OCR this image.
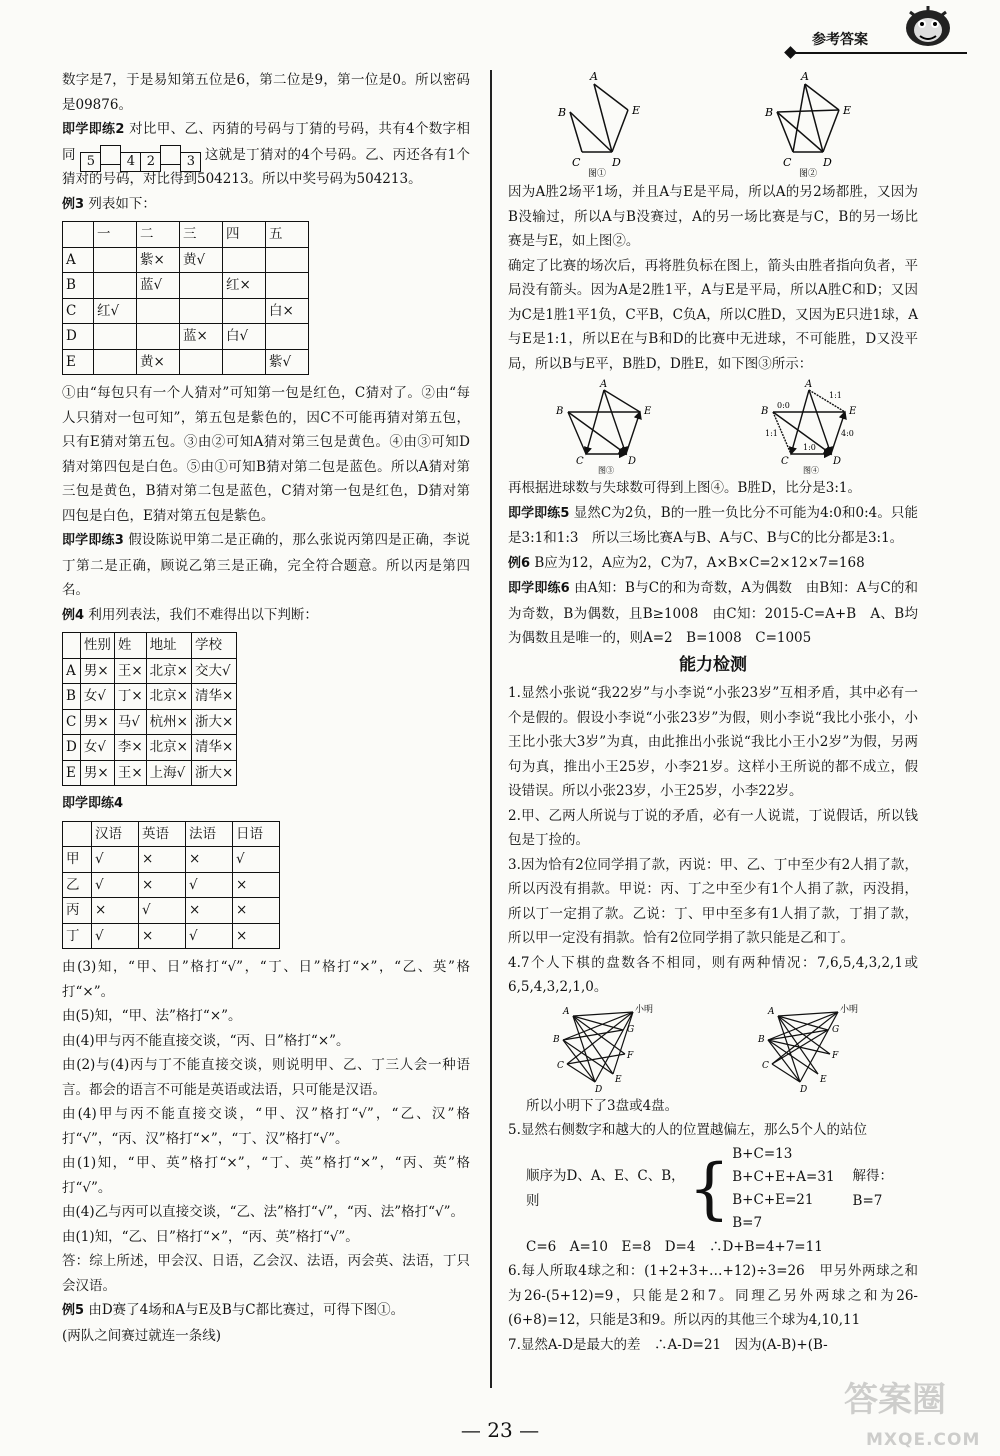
参考答案

数字是7，于是易知第五位是6，第二位是9，第一位是0。所以密码是09876。

即学即练2 对比甲、乙、丙猜的号码与丁猜的号码，共有4个数字相同 5 4 2 3 这就是丁猜对的4个号码。乙、丙还各有1个猜对的号码，对比得到504213。所以中奖号码为504213。

例3 列表如下：

	一	二	三	四	五
A		紫×	黄√		
B		蓝√		红×	
C	红√				白×
D			蓝×	白√	
E		黄×			紫√

①由“每包只有一个人猜对”可知第一包是红色，C猜对了。②由“每人只猜对一包可知”，第五包是紫色的，因C不可能再猜对第五包，只有E猜对第五包。③由②可知A猜对第三包是黄色。④由③可知D猜对第四包是白色。⑤由①可知B猜对第二包是蓝色。所以A猜对第三包是黄色，B猜对第二包是蓝色，C猜对第一包是红色，D猜对第四包是白色，E猜对第五包是紫色。

即学即练3 假设陈说甲第二是正确的，那么张说丙第四是正确，李说丁第二是正确，顾说乙第三是正确，完全符合题意。所以丙是第四名。

例4 利用列表法，我们不难得出以下判断：

	性别	姓	地址	学校
A	男×	王×	北京×	交大√
B	女√	丁×	北京×	清华×
C	男×	马√	杭州×	浙大×
D	女√	李×	北京×	清华×
E	男×	王×	上海√	浙大×

即学即练4

	汉语	英语	法语	日语
甲	√	×	×	√
乙	√	×	√	×
丙	×	√	×	×
丁	√	×	√	×

由(3)知，“甲、日”格打“√”，“丁、日”格打“×”，“乙、英”格打“×”。

由(5)知，“甲、法”格打“×”。

由(4)甲与丙不能直接交谈，“丙、日”格打“×”。

由(2)与(4)丙与丁不能直接交谈，则说明甲、乙、丁三人会一种语言。都会的语言不可能是英语或法语，只可能是汉语。

由(4)甲与丙不能直接交谈，“甲、汉”格打“√”，“乙、汉”格打“√”，“丙、汉”格打“×”，“丁、汉”格打“√”。

由(1)知，“甲、英”格打“×”，“丁、英”格打“×”，“丙、英”格打“√”。

由(4)乙与丙可以直接交谈，“乙、法”格打“√”，“丙、法”格打“√”。

由(1)知，“乙、日”格打“×”，“丙、英”格打“√”。

答：综上所述，甲会汉、日语，乙会汉、法语，丙会英、法语，丁只会汉语。

例5 由D赛了4场和A与E及B与C都比赛过，可得下图①。

(两队之间赛过就连一条线)

A
B	E
C	D
图①
A
B	E
C	D
图②

因为A胜2场平1场，并且A与E是平局，所以A的另2场都胜，又因为B没输过，所以A与B没赛过，A的另一场比赛是与C，B的另一场比赛是与E，如上图②。

确定了比赛的场次后，再将胜负标在图上，箭头由胜者指向负者，平局没有箭头。因为A是2胜1平，A与E是平局，所以A胜C和D；又因为C是1胜1平1负，C平B，C负A，所以C胜D，又因为E只进1球，A与E是1:1，所以E在与B和D的比赛中无进球，不可能胜，D又没平局，所以B与E平，B胜D，D胜E，如下图③所示：

A
B	E
C	D
图③
A
B	E
C	D
0:0
1:1
4:0
1:0
1:1
图④

再根据进球数与失球数可得到上图④。B胜D，比分是3:1。

即学即练5 显然C为2负，B的一胜一负比分不可能为4:0和0:4。只能是3:1和1:3　所以三场比赛A与B、A与C、B与C的比分都是3:1。

例6 B应为12，A应为2，C为7，A×B×C=2×12×7=168

即学即练6 由A知：B与C的和为奇数，A为偶数　由B知：A与C的和为奇数，B为偶数，且B≥1008　由C知：2015-C=A+B　A、B均为偶数且是唯一的，则A=2　B=1008　C=1005

能力检测

1.显然小张说“我22岁”与小李说“小张23岁”互相矛盾，其中必有一个是假的。假设小李说“小张23岁”为假，则小李说“我比小张小，小王比小张大3岁”为真，由此推出小张说“我比小王小2岁”为假，另两句为真，推出小王25岁，小李21岁。这样小王所说的都不成立，假设错误。所以小张23岁，小王25岁，小李22岁。

2.甲、乙两人所说与丁说的矛盾，必有一人说谎，丁说假话，所以钱包是丁捡的。

3.因为恰有2位同学捐了款，丙说：甲、乙、丁中至少有2人捐了款，所以丙没有捐款。甲说：丙、丁之中至少有1个人捐了款，丙没捐，所以丁一定捐了款。乙说：丁、甲中至多有1人捐了款，丁捐了款，所以甲一定没有捐款。恰有2位同学捐了款只能是乙和丁。

4.7个人下棋的盘数各不相同，则有两种情况：7,6,5,4,3,2,1或6,5,4,3,2,1,0。

小明
A
B
C
D
E
F
G
小明
A
B
C
D
E
F
G

所以小明下了3盘或4盘。

5.显然右侧数字和越大的人的位置越偏左，那么5个人的站位

顺序为D、A、E、C、B，则	{ B+C=13

B+C+E+A=31

B+C+E=21

B=7

解得：B=7

C=6　A=10　E=8　D=4　∴D+B=4+7=11

6.每人所取4球之和：(1+2+3+…+12)÷3=26　甲另外两球之和为26-(5+12)=9，只能是2和7。同理乙另外两球之和为26-(6+8)=12，只能是3和9。所以丙的其他三个球为4,10,11

7.显然A-D是最大的差　∴A-D=21　因为(A-B)+(B-

— 23 —
答案圈
MXQE.COM
